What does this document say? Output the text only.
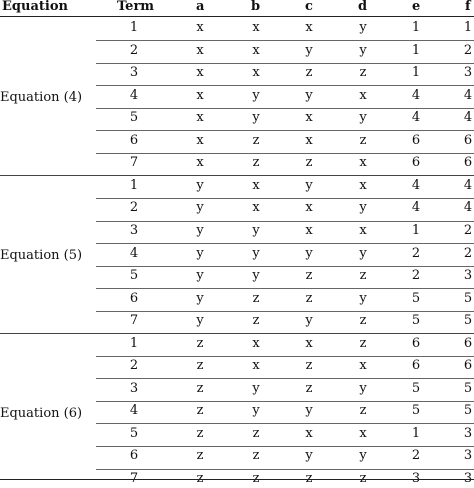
Equation	Term	a	b	c	d	e	f
Equation (4)
1	x	x	x	y	1	1
2	x	x	y	y	1	2
3	x	x	z	z	1	3
4	x	y	y	x	4	4
5	x	y	x	y	4	4
6	x	z	x	z	6	6
7	x	z	z	x	6	6
Equation (5)
1	y	x	y	x	4	4
2	y	x	x	y	4	4
3	y	y	x	x	1	2
4	y	y	y	y	2	2
5	y	y	z	z	2	3
6	y	z	z	y	5	5
7	y	z	y	z	5	5
Equation (6)
1	z	x	x	z	6	6
2	z	x	z	x	6	6
3	z	y	z	y	5	5
4	z	y	y	z	5	5
5	z	z	x	x	1	3
6	z	z	y	y	2	3
7	z	z	z	z	3	3
